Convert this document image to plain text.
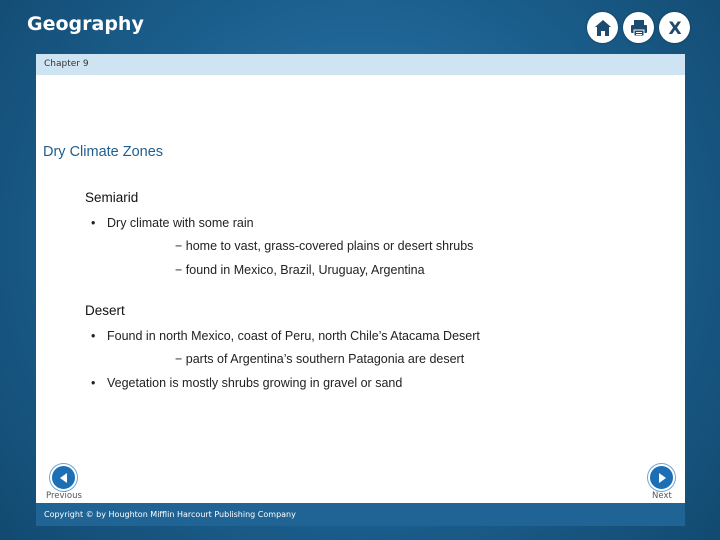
Geography	X
Chapter 9
Dry Climate Zones
Semiarid
• Dry climate with some rain
− home to vast, grass-covered plains or desert shrubs
− found in Mexico, Brazil, Uruguay, Argentina
Desert
• Found in north Mexico, coast of Peru, north Chile’s Atacama Desert
− parts of Argentina’s southern Patagonia are desert
• Vegetation is mostly shrubs growing in gravel or sand
Previous	Next
Copyright © by Houghton Mifflin Harcourt Publishing Company
